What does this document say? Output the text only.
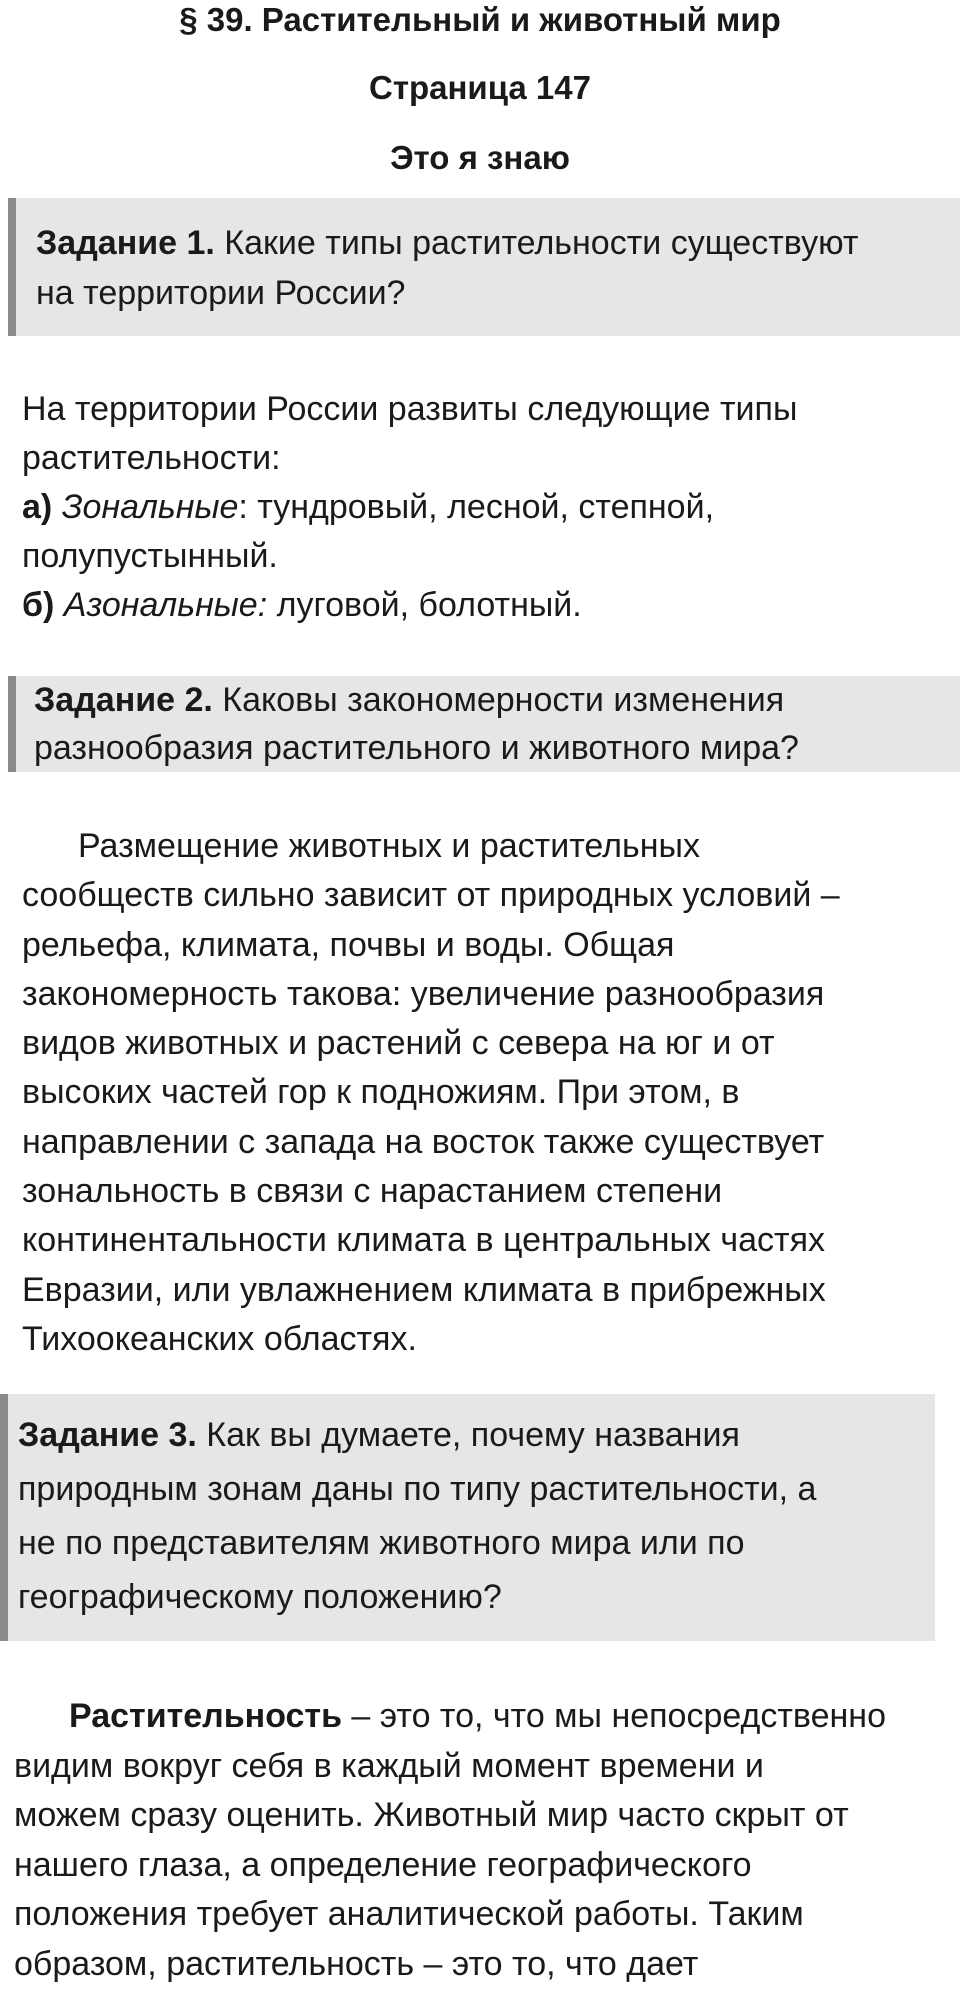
§ 39. Растительный и животный мир
Страница 147
Это я знаю
Задание 1. Какие типы растительности существуют
на территории России?
На территории России развиты следующие типы
растительности:
а) Зональные: тундровый, лесной, степной,
полупустынный.
б) Азональные: луговой, болотный.
Задание 2. Каковы закономерности изменения
разнообразия растительного и животного мира?
Размещение животных и растительных
сообществ сильно зависит от природных условий –
рельефа, климата, почвы и воды. Общая
закономерность такова: увеличение разнообразия
видов животных и растений с севера на юг и от
высоких частей гор к подножиям. При этом, в
направлении с запада на восток также существует
зональность в связи с нарастанием степени
континентальности климата в центральных частях
Евразии, или увлажнением климата в прибрежных
Тихоокеанских областях.
Задание 3. Как вы думаете, почему названия
природным зонам даны по типу растительности, а
не по представителям животного мира или по
географическому положению?
Растительность – это то, что мы непосредственно
видим вокруг себя в каждый момент времени и
можем сразу оценить. Животный мир часто скрыт от
нашего глаза, а определение географического
положения требует аналитической работы. Таким
образом, растительность – это то, что дает
